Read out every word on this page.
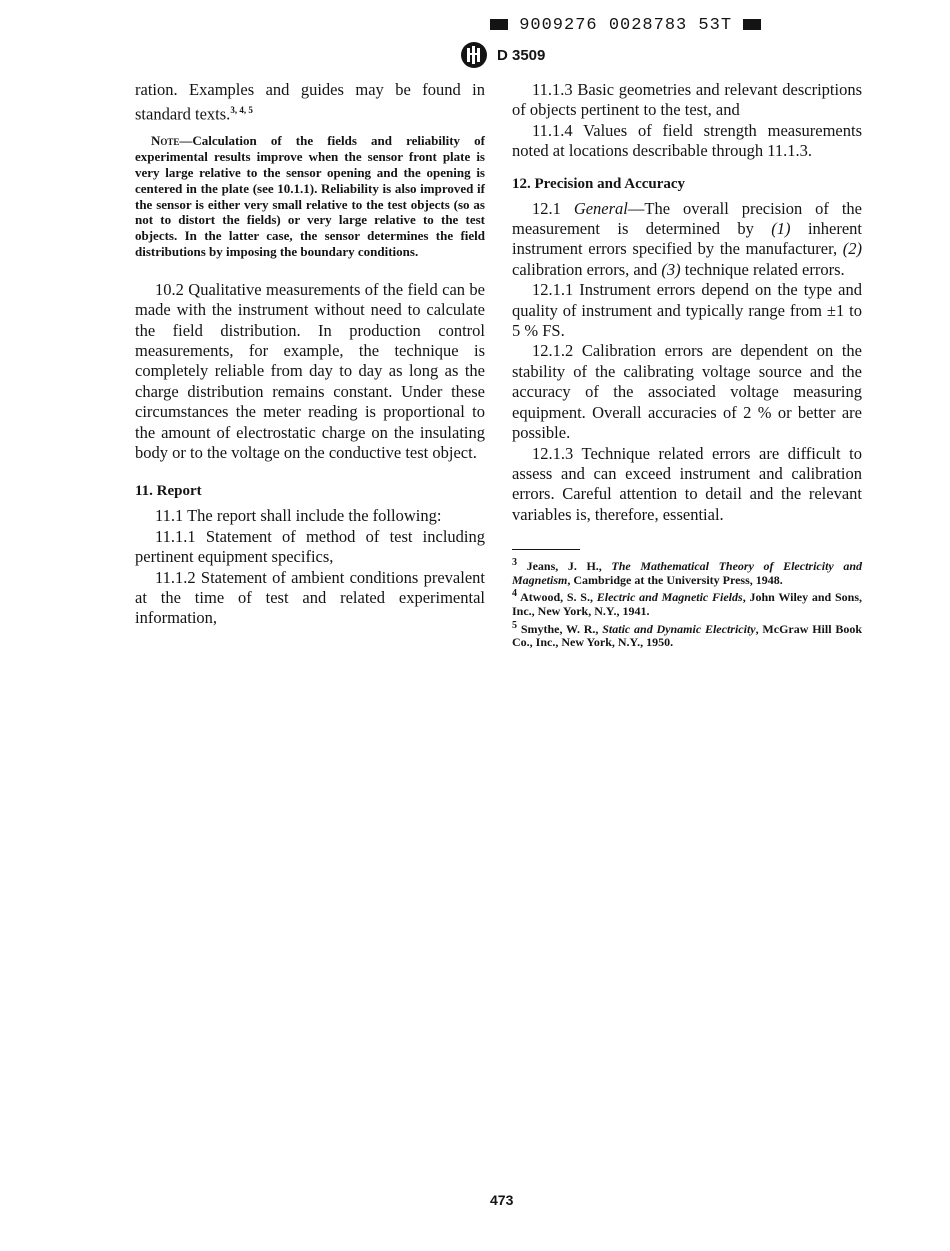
9009276 0028783 53T
D 3509

ration. Examples and guides may be found in standard texts.$^{3, 4, 5}$

Note—Calculation of the fields and reliability of experimental results improve when the sensor front plate is very large relative to the sensor opening and the opening is centered in the plate (see 10.1.1). Reliability is also improved if the sensor is either very small relative to the test objects (so as not to distort the fields) or very large relative to the test objects. In the latter case, the sensor determines the field distributions by imposing the boundary conditions.

10.2 Qualitative measurements of the field can be made with the instrument without need to calculate the field distribution. In production control measurements, for example, the technique is completely reliable from day to day as long as the charge distribution remains constant. Under these circumstances the meter reading is proportional to the amount of electrostatic charge on the insulating body or to the voltage on the conductive test object.

11. Report

11.1 The report shall include the following:

11.1.1 Statement of method of test including pertinent equipment specifics,

11.1.2 Statement of ambient conditions prevalent at the time of test and related experimental information,

11.1.3 Basic geometries and relevant descriptions of objects pertinent to the test, and

11.1.4 Values of field strength measurements noted at locations describable through 11.1.3.

12. Precision and Accuracy

12.1 General—The overall precision of the measurement is determined by (1) inherent instrument errors specified by the manufacturer, (2) calibration errors, and (3) technique related errors.

12.1.1 Instrument errors depend on the type and quality of instrument and typically range from ±1 to 5 % FS.

12.1.2 Calibration errors are dependent on the stability of the calibrating voltage source and the accuracy of the associated voltage measuring equipment. Overall accuracies of 2 % or better are possible.

12.1.3 Technique related errors are difficult to assess and can exceed instrument and calibration errors. Careful attention to detail and the relevant variables is, therefore, essential.

$^3$ Jeans, J. H., The Mathematical Theory of Electricity and Magnetism, Cambridge at the University Press, 1948.

$^4$ Atwood, S. S., Electric and Magnetic Fields, John Wiley and Sons, Inc., New York, N.Y., 1941.

$^5$ Smythe, W. R., Static and Dynamic Electricity, McGraw Hill Book Co., Inc., New York, N.Y., 1950.

473
